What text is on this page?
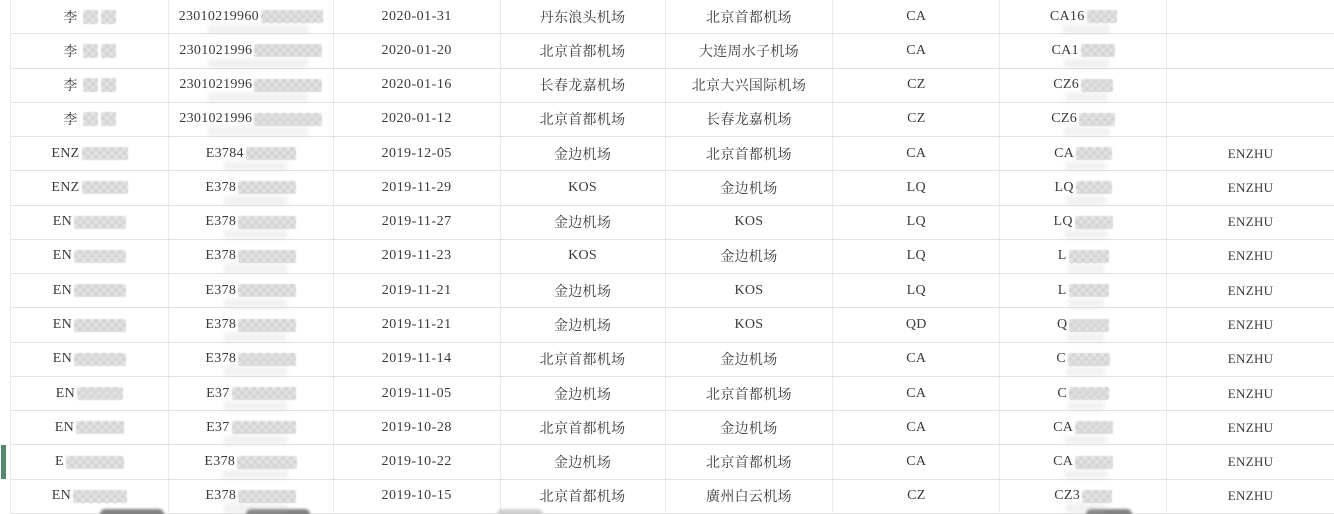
李	23010219960	2020-01-31	丹东浪头机场	北京首都机场	CA	CA16
李	2301021996	2020-01-20	北京首都机场	大连周水子机场	CA	CA1
李	2301021996	2020-01-16	长春龙嘉机场	北京大兴国际机场	CZ	CZ6
李	2301021996	2020-01-12	北京首都机场	长春龙嘉机场	CZ	CZ6
ENZ	E3784	2019-12-05	金边机场	北京首都机场	CA	CA	ENZHU
ENZ	E378	2019-11-29	KOS	金边机场	LQ	LQ	ENZHU
EN	E378	2019-11-27	金边机场	KOS	LQ	LQ	ENZHU
EN	E378	2019-11-23	KOS	金边机场	LQ	L	ENZHU
EN	E378	2019-11-21	金边机场	KOS	LQ	L	ENZHU
EN	E378	2019-11-21	金边机场	KOS	QD	Q	ENZHU
EN	E378	2019-11-14	北京首都机场	金边机场	CA	C	ENZHU
EN	E37	2019-11-05	金边机场	北京首都机场	CA	C	ENZHU
EN	E37	2019-10-28	北京首都机场	金边机场	CA	CA	ENZHU
E	E378	2019-10-22	金边机场	北京首都机场	CA	CA	ENZHU
EN	E378	2019-10-15	北京首都机场	廣州白云机场	CZ	CZ3	ENZHU
